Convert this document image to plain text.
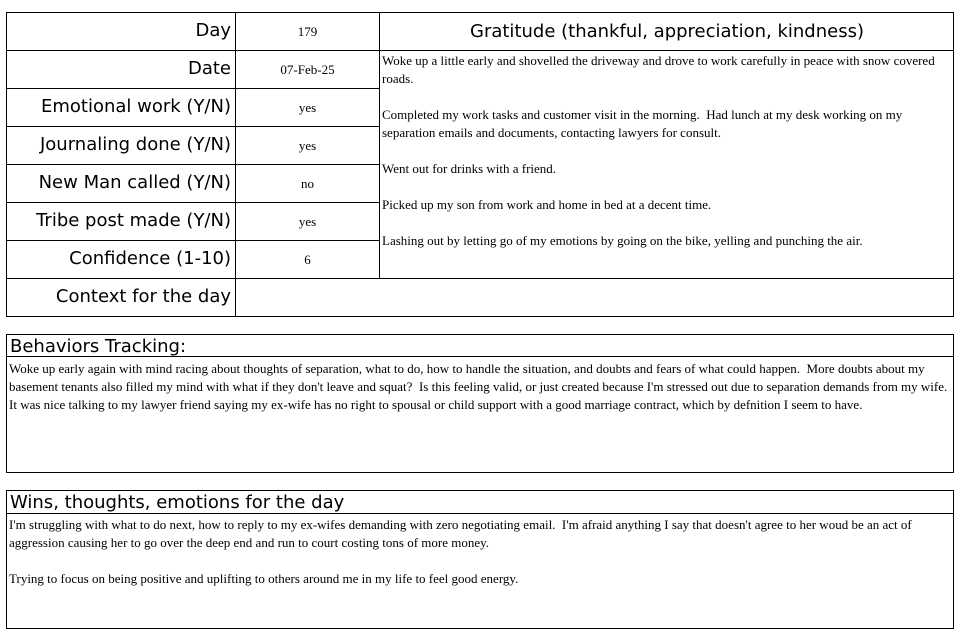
Day
Date
Emotional work (Y/N)
Journaling done (Y/N)
New Man called (Y/N)
Tribe post made (Y/N)
Confidence (1-10)
Context for the day
179
07-Feb-25
yes
yes
no
yes
6
Gratitude (thankful, appreciation, kindness)
Woke up a little early and shovelled the driveway and drove to work carefully in peace with snow covered roads.
Completed my work tasks and customer visit in the morning.  Had lunch at my desk working on my separation emails and documents, contacting lawyers for consult.
Went out for drinks with a friend.
Picked up my son from work and home in bed at a decent time.
Lashing out by letting go of my emotions by going on the bike, yelling and punching the air.
Behaviors Tracking:
Woke up early again with mind racing about thoughts of separation, what to do, how to handle the situation, and doubts and fears of what could happen.  More doubts about my basement tenants also filled my mind with what if they don't leave and squat?  Is this feeling valid, or just created because I'm stressed out due to separation demands from my wife.  It was nice talking to my lawyer friend saying my ex-wife has no right to spousal or child support with a good marriage contract, which by defnition I seem to have.
Wins, thoughts, emotions for the day
I'm struggling with what to do next, how to reply to my ex-wifes demanding with zero negotiating email.  I'm afraid anything I say that doesn't agree to her woud be an act of aggression causing her to go over the deep end and run to court costing tons of more money.
Trying to focus on being positive and uplifting to others around me in my life to feel good energy.
